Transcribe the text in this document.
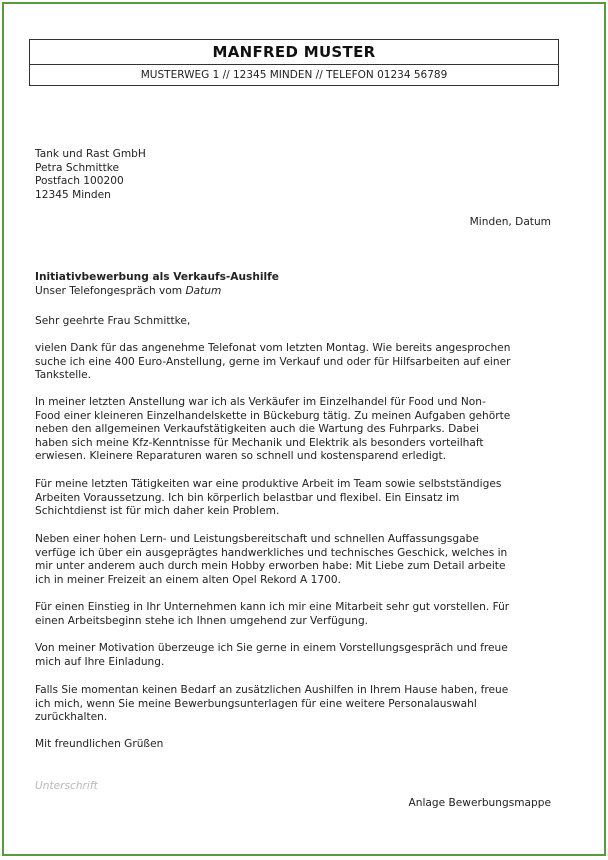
MANFRED MUSTER
MUSTERWEG 1 // 12345 MINDEN // TELEFON 01234 56789
Tank und Rast GmbH
Petra Schmittke
Postfach 100200
12345 Minden
Minden, Datum
Initiativbewerbung als Verkaufs-Aushilfe
Unser Telefongespräch vom Datum
Sehr geehrte Frau Schmittke,
vielen Dank für das angenehme Telefonat vom letzten Montag. Wie bereits angesprochen
suche ich eine 400 Euro-Anstellung, gerne im Verkauf und oder für Hilfsarbeiten auf einer
Tankstelle.
In meiner letzten Anstellung war ich als Verkäufer im Einzelhandel für Food und Non-
Food einer kleineren Einzelhandelskette in Bückeburg tätig. Zu meinen Aufgaben gehörte
neben den allgemeinen Verkaufstätigkeiten auch die Wartung des Fuhrparks. Dabei
haben sich meine Kfz-Kenntnisse für Mechanik und Elektrik als besonders vorteilhaft
erwiesen. Kleinere Reparaturen waren so schnell und kostensparend erledigt.
Für meine letzten Tätigkeiten war eine produktive Arbeit im Team sowie selbstständiges
Arbeiten Voraussetzung. Ich bin körperlich belastbar und flexibel. Ein Einsatz im
Schichtdienst ist für mich daher kein Problem.
Neben einer hohen Lern- und Leistungsbereitschaft und schnellen Auffassungsgabe
verfüge ich über ein ausgeprägtes handwerkliches und technisches Geschick, welches in
mir unter anderem auch durch mein Hobby erworben habe: Mit Liebe zum Detail arbeite
ich in meiner Freizeit an einem alten Opel Rekord A 1700.
Für einen Einstieg in Ihr Unternehmen kann ich mir eine Mitarbeit sehr gut vorstellen. Für
einen Arbeitsbeginn stehe ich Ihnen umgehend zur Verfügung.
Von meiner Motivation überzeuge ich Sie gerne in einem Vorstellungsgespräch und freue
mich auf Ihre Einladung.
Falls Sie momentan keinen Bedarf an zusätzlichen Aushilfen in Ihrem Hause haben, freue
ich mich, wenn Sie meine Bewerbungsunterlagen für eine weitere Personalauswahl
zurückhalten.
Mit freundlichen Grüßen
Unterschrift
Anlage Bewerbungsmappe
